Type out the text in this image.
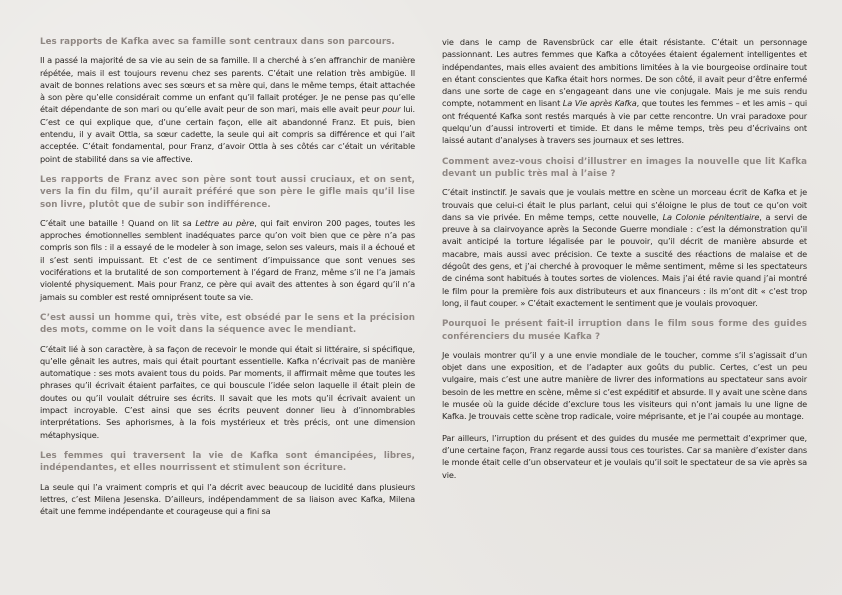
Les rapports de Kafka avec sa famille sont centraux dans son parcours.

Il a passé la majorité de sa vie au sein de sa famille. Il a cherché à s’en affranchir de manière répétée, mais il est toujours revenu chez ses parents. C’était une relation très ambigüe. Il avait de bonnes relations avec ses sœurs et sa mère qui, dans le même temps, était attachée à son père qu’elle considérait comme un enfant qu’il fallait protéger. Je ne pense pas qu’elle était dépendante de son mari ou qu’elle avait peur de son mari, mais elle avait peur pour lui. C’est ce qui explique que, d’une certain façon, elle ait abandonné Franz. Et puis, bien entendu, il y avait Ottla, sa sœur cadette, la seule qui ait compris sa différence et qui l’ait acceptée. C’était fondamental, pour Franz, d’avoir Ottla à ses côtés car c’était un véritable point de stabilité dans sa vie affective.

Les rapports de Franz avec son père sont tout aussi cruciaux, et on sent, vers la fin du film, qu’il aurait préféré que son père le gifle mais qu’il lise son livre, plutôt que de subir son indifférence.

C’était une bataille ! Quand on lit sa Lettre au père, qui fait environ 200 pages, toutes les approches émotionnelles semblent inadéquates parce qu’on voit bien que ce père n’a pas compris son fils : il a essayé de le modeler à son image, selon ses valeurs, mais il a échoué et il s’est senti impuissant. Et c’est de ce sentiment d’impuissance que sont venues ses vociférations et la brutalité de son comportement à l’égard de Franz, même s’il ne l’a jamais violenté physiquement. Mais pour Franz, ce père qui avait des attentes à son égard qu’il n’a jamais su combler est resté omniprésent toute sa vie.

C’est aussi un homme qui, très vite, est obsédé par le sens et la précision des mots, comme on le voit dans la séquence avec le mendiant.

C’était lié à son caractère, à sa façon de recevoir le monde qui était si littéraire, si spécifique, qu’elle gênait les autres, mais qui était pourtant essentielle. Kafka n’écrivait pas de manière automatique : ses mots avaient tous du poids. Par moments, il affirmait même que toutes les phrases qu’il écrivait étaient parfaites, ce qui bouscule l’idée selon laquelle il était plein de doutes ou qu’il voulait détruire ses écrits. Il savait que les mots qu’il écrivait avaient un impact incroyable. C’est ainsi que ses écrits peuvent donner lieu à d’innombrables interprétations. Ses aphorismes, à la fois mystérieux et très précis, ont une dimension métaphysique.

Les femmes qui traversent la vie de Kafka sont émancipées, libres, indépendantes, et elles nourrissent et stimulent son écriture.

La seule qui l’a vraiment compris et qui l’a décrit avec beaucoup de lucidité dans plusieurs lettres, c’est Milena Jesenska. D’ailleurs, indépendamment de sa liaison avec Kafka, Milena était une femme indépendante et courageuse qui a fini sa

vie dans le camp de Ravensbrück car elle était résistante. C’était un personnage passionnant. Les autres femmes que Kafka a côtoyées étaient également intelligentes et indépendantes, mais elles avaient des ambitions limitées à la vie bourgeoise ordinaire tout en étant conscientes que Kafka était hors normes. De son côté, il avait peur d’être enfermé dans une sorte de cage en s’engageant dans une vie conjugale. Mais je me suis rendu compte, notamment en lisant La Vie après Kafka, que toutes les femmes – et les amis – qui ont fréquenté Kafka sont restés marqués à vie par cette rencontre. Un vrai paradoxe pour quelqu’un d’aussi introverti et timide. Et dans le même temps, très peu d’écrivains ont laissé autant d’analyses à travers ses journaux et ses lettres.

Comment avez-vous choisi d’illustrer en images la nouvelle que lit Kafka devant un public très mal à l’aise ?

C’était instinctif. Je savais que je voulais mettre en scène un morceau écrit de Kafka et je trouvais que celui-ci était le plus parlant, celui qui s’éloigne le plus de tout ce qu’on voit dans sa vie privée. En même temps, cette nouvelle, La Colonie pénitentiaire, a servi de preuve à sa clairvoyance après la Seconde Guerre mondiale : c’est la démonstration qu’il avait anticipé la torture légalisée par le pouvoir, qu’il décrit de manière absurde et macabre, mais aussi avec précision. Ce texte a suscité des réactions de malaise et de dégoût des gens, et j’ai cherché à provoquer le même sentiment, même si les spectateurs de cinéma sont habitués à toutes sortes de violences. Mais j’ai été ravie quand j’ai montré le film pour la première fois aux distributeurs et aux financeurs : ils m’ont dit « c’est trop long, il faut couper. » C’était exactement le sentiment que je voulais provoquer.

Pourquoi le présent fait-il irruption dans le film sous forme des guides conférenciers du musée Kafka ?

Je voulais montrer qu’il y a une envie mondiale de le toucher, comme s’il s’agissait d’un objet dans une exposition, et de l’adapter aux goûts du public. Certes, c’est un peu vulgaire, mais c’est une autre manière de livrer des informations au spectateur sans avoir besoin de les mettre en scène, même si c’est expéditif et absurde. Il y avait une scène dans le musée où la guide décide d’exclure tous les visiteurs qui n’ont jamais lu une ligne de Kafka. Je trouvais cette scène trop radicale, voire méprisante, et je l’ai coupée au montage.

Par ailleurs, l’irruption du présent et des guides du musée me permettait d’exprimer que, d’une certaine façon, Franz regarde aussi tous ces touristes. Car sa manière d’exister dans le monde était celle d’un observateur et je voulais qu’il soit le spectateur de sa vie après sa vie.
